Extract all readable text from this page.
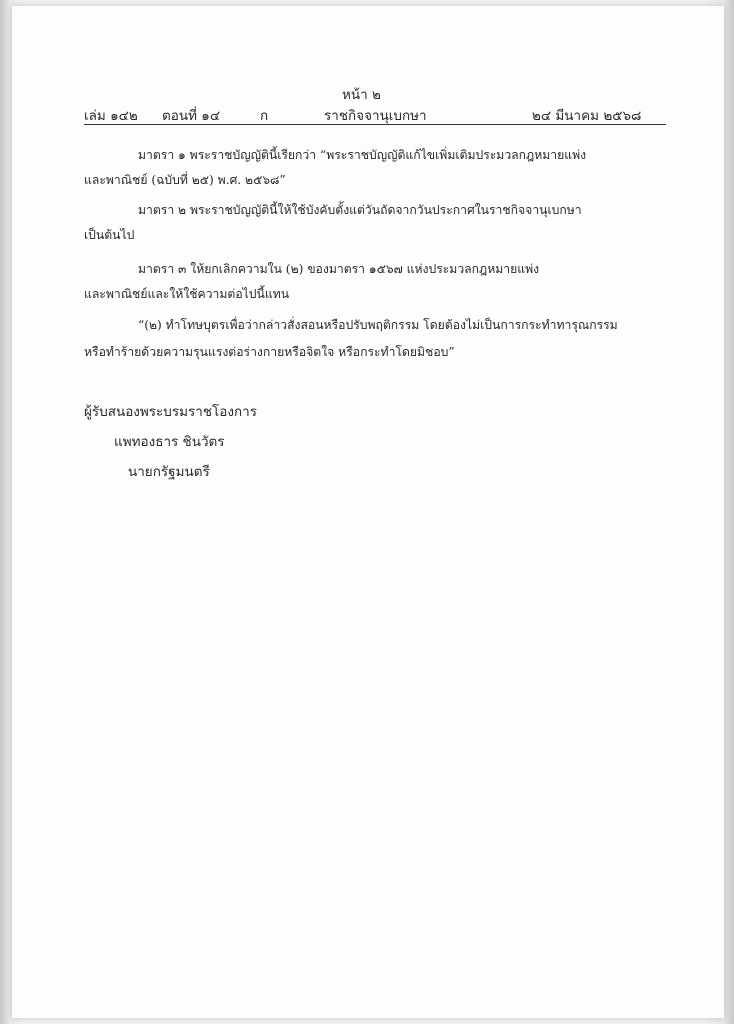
หน้า ๒
เล่ม ๑๔๒ ตอนที่ ๑๔	ก	ราชกิจจานุเบกษา	๒๔ มีนาคม ๒๕๖๘
มาตรา ๑ พระราชบัญญัตินี้เรียกว่า “พระราชบัญญัติแก้ไขเพิ่มเติมประมวลกฎหมายแพ่ง
และพาณิชย์ (ฉบับที่ ๒๕) พ.ศ. ๒๕๖๘”
มาตรา ๒ พระราชบัญญัตินี้ให้ใช้บังคับตั้งแต่วันถัดจากวันประกาศในราชกิจจานุเบกษา
เป็นต้นไป
มาตรา ๓ ให้ยกเลิกความใน (๒) ของมาตรา ๑๕๖๗ แห่งประมวลกฎหมายแพ่ง
และพาณิชย์และให้ใช้ความต่อไปนี้แทน
“(๒) ทำโทษบุตรเพื่อว่ากล่าวสั่งสอนหรือปรับพฤติกรรม โดยต้องไม่เป็นการกระทำทารุณกรรม
หรือทำร้ายด้วยความรุนแรงต่อร่างกายหรือจิตใจ หรือกระทำโดยมิชอบ”
ผู้รับสนองพระบรมราชโองการ
แพทองธาร ชินวัตร
นายกรัฐมนตรี
